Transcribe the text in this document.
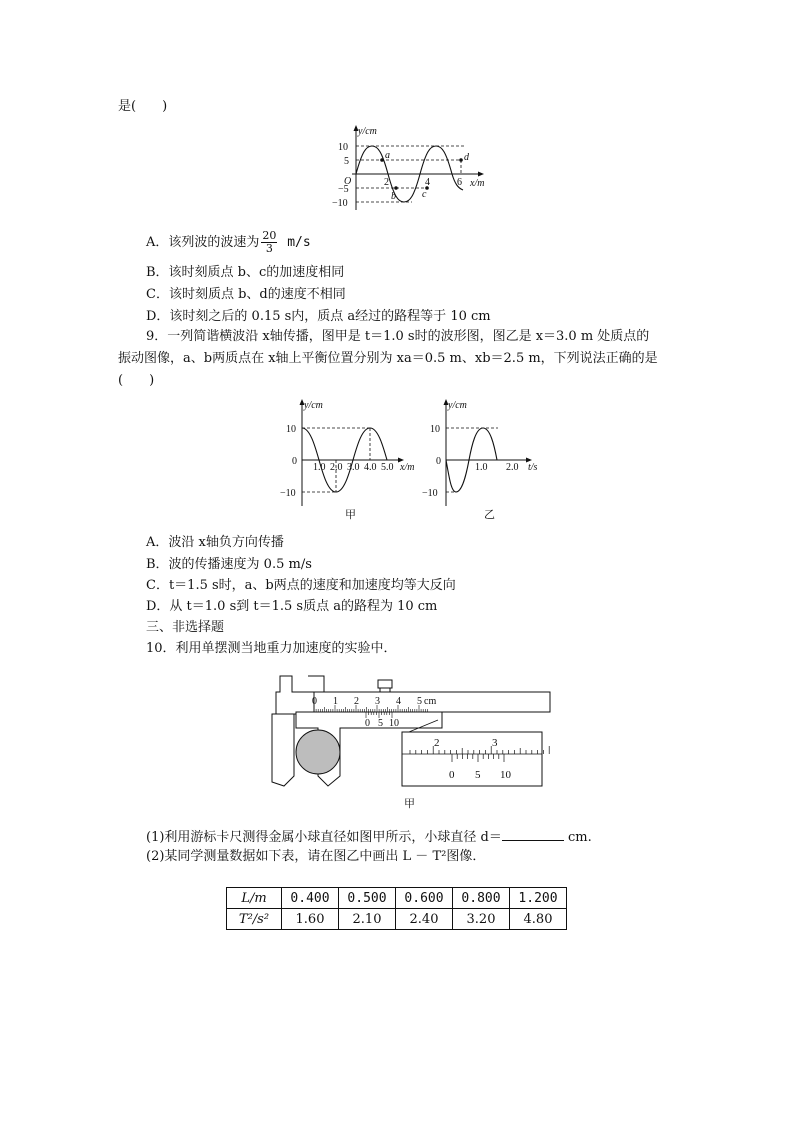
是(　　)
y/cm
x/m
O
10
5
−5
−10
2	4	6
a
b	c
d
A．该列波的波速为 $\frac{20}{3} m/s$
B．该时刻质点 b、c的加速度相同
C．该时刻质点 b、d的速度不相同
D．该时刻之后的 0.15 s内，质点 a经过的路程等于 10 cm
9．一列简谐横波沿 x轴传播，图甲是 t＝1.0 s时的波形图，图乙是 x＝3.0 m 处质点的
振动图像，a、b两质点在 x轴上平衡位置分别为 xa＝0.5 m、xb＝2.5 m，下列说法正确的是
(　　)
y/cm
x/m
10
0
−10
1.0 2.0 3.0 4.0 5.0
甲
y/cm
t/s
10
0
−10
1.0 2.0
乙
A．波沿 x轴负方向传播
B．波的传播速度为 0.5 m/s
C．t＝1.5 s时，a、b两点的速度和加速度均等大反向
D．从 t＝1.0 s到 t＝1.5 s质点 a的路程为 10 cm
三、非选择题
10．利用单摆测当地重力加速度的实验中．
0 1 2 3 4 5 cm
0 5 10
2	3
0 5 10
甲
(1)利用游标卡尺测得金属小球直径如图甲所示，小球直径 d＝	cm.
(2)某同学测量数据如下表，请在图乙中画出 L － T²图像．
L/m	0.400	0.500	0.600	0.800	1.200
T²/s²	1.60	2.10	2.40	3.20	4.80
